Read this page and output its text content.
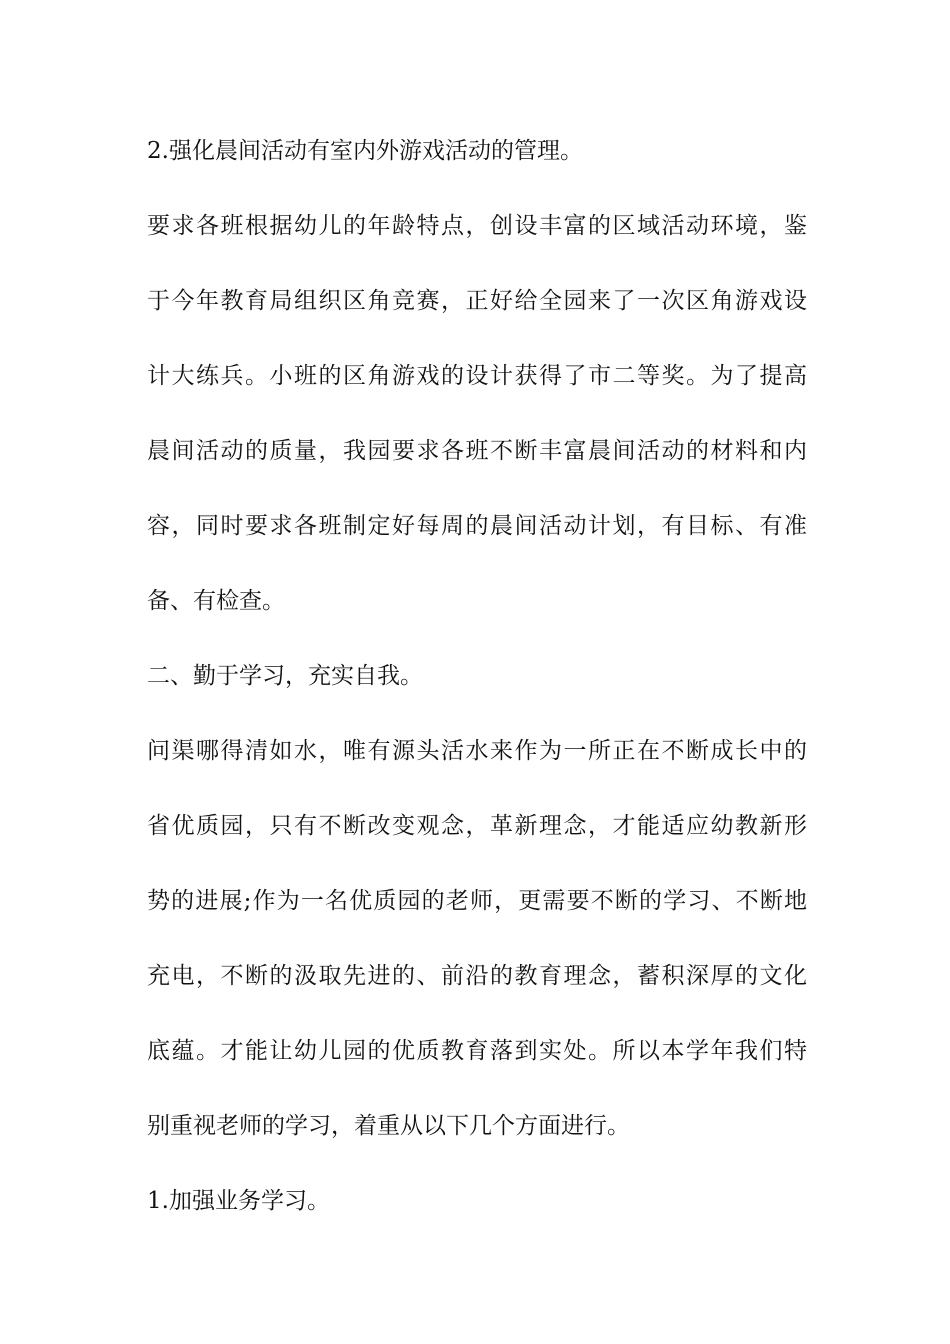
2.强化晨间活动有室内外游戏活动的管理。
要求各班根据幼儿的年龄特点，创设丰富的区域活动环境，鉴
于今年教育局组织区角竞赛，正好给全园来了一次区角游戏设
计大练兵。小班的区角游戏的设计获得了市二等奖。为了提高
晨间活动的质量，我园要求各班不断丰富晨间活动的材料和内
容，同时要求各班制定好每周的晨间活动计划，有目标、有准
备、有检查。
二、勤于学习，充实自我。
问渠哪得清如水，唯有源头活水来作为一所正在不断成长中的
省优质园，只有不断改变观念，革新理念，才能适应幼教新形
势的进展;作为一名优质园的老师，更需要不断的学习、不断地
充电，不断的汲取先进的、前沿的教育理念，蓄积深厚的文化
底蕴。才能让幼儿园的优质教育落到实处。所以本学年我们特
别重视老师的学习，着重从以下几个方面进行。
1.加强业务学习。
